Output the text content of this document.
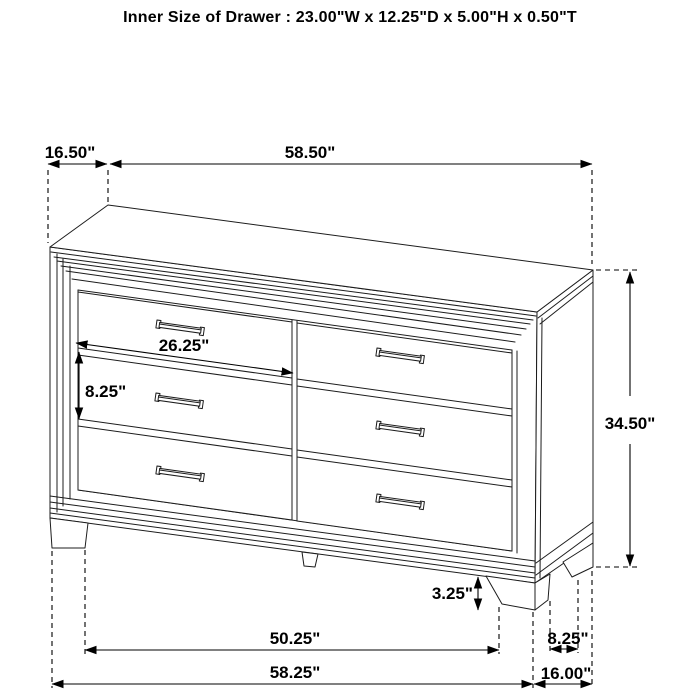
Inner Size of Drawer : 23.00"W x 12.25"D x 5.00"H x 0.50"T
16.50"	58.50"
34.50"
26.25"
8.25"
3.25"
50.25"
58.25"
8.25"
16.00"
